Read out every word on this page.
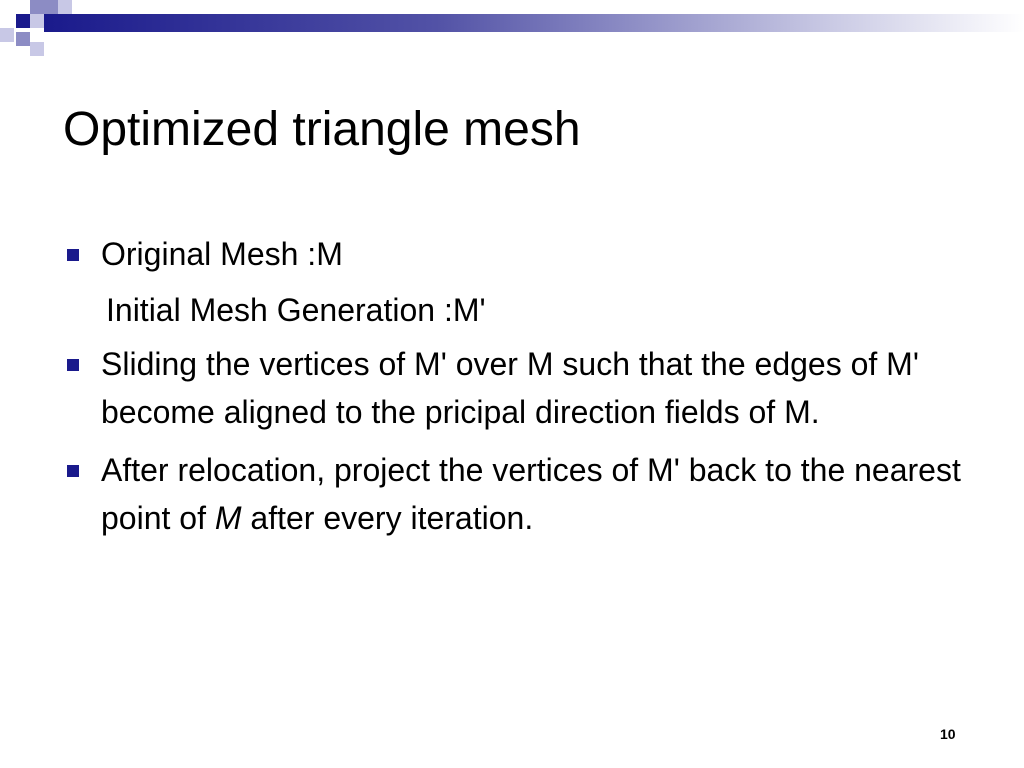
Optimized triangle mesh
Original Mesh :M
Initial Mesh Generation :M'
Sliding the vertices of M' over M such that the edges of M' become aligned to the pricipal direction fields of M.
After relocation, project the vertices of M' back to the nearest point of M after every iteration.
10
